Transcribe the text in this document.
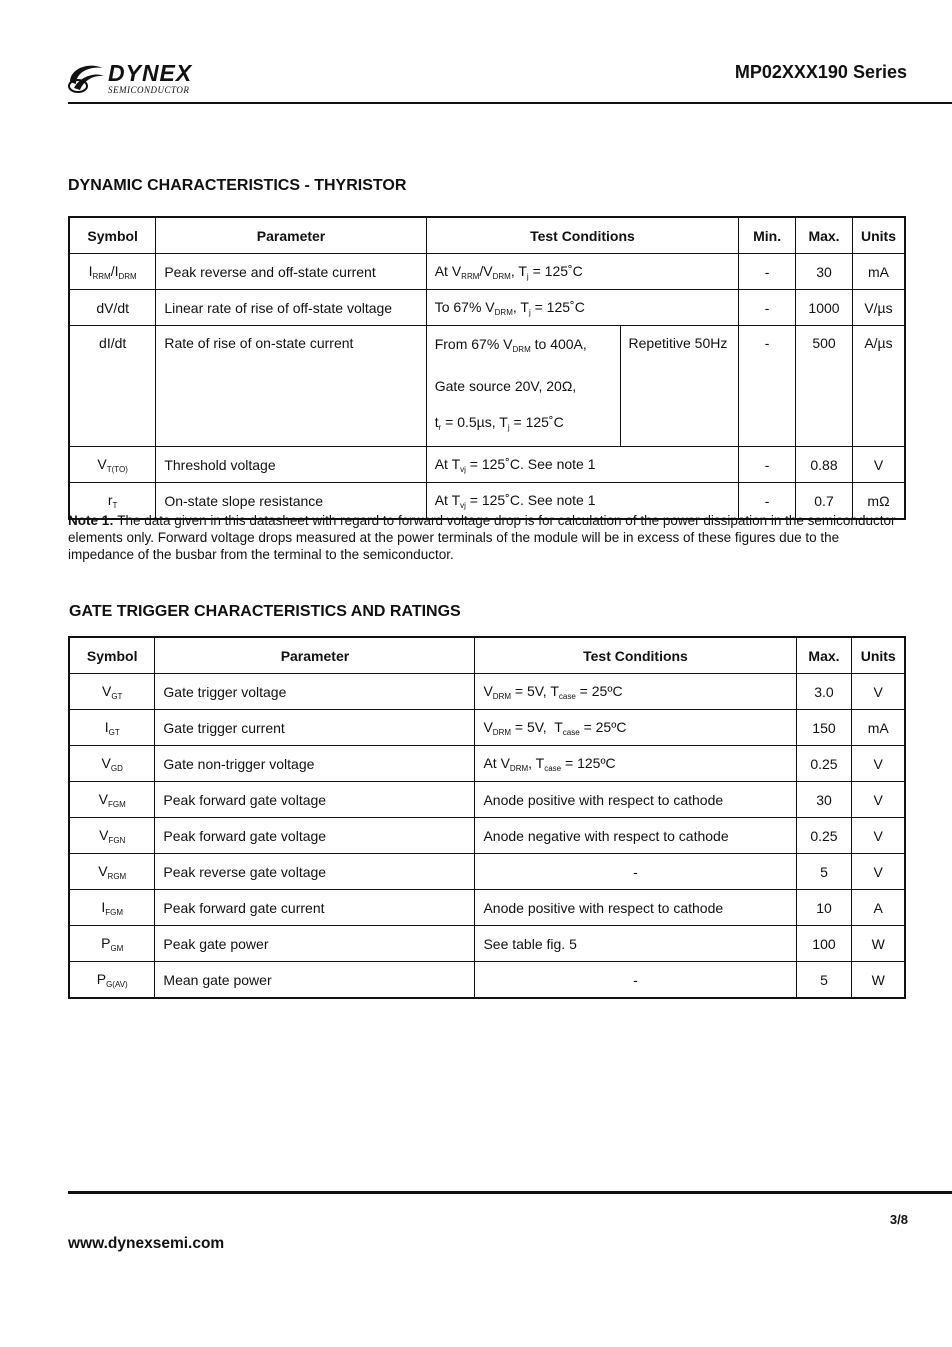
DYNEX
SEMICONDUCTOR
MP02XXX190 Series
DYNAMIC CHARACTERISTICS - THYRISTOR
Symbol	Parameter	Test Conditions		Min.	Max.	Units
$I_{RRM}/I_{DRM}$	Peak reverse and off-state current	At $V_{RRM}/V_{DRM}$, $T_j$ = 125˚C		-	30	mA
dV/dt	Linear rate of rise of off-state voltage	To 67% $V_{DRM}$, $T_j$ = 125˚C		-	1000	V/µs
dI/dt	Rate of rise of on-state current	From 67% $V_{DRM}$ to 400A,
Gate source 20V, 20Ω,
$t_r = 0.5\mu s$, $T_j$ = 125˚C	Repetitive 50Hz	-	500	A/µs
$V_{T(TO)}$	Threshold voltage	At $T_{vj}$ = 125˚C. See note 1		-	0.88	V
$r_T$	On-state slope resistance	At $T_{vj}$ = 125˚C. See note 1		-	0.7	mΩ
Note 1: The data given in this datasheet with regard to forward voltage drop is for calculation of the power dissipation in the semiconductor elements only. Forward voltage drops measured at the power terminals of the module will be in excess of these figures due to the impedance of the busbar from the terminal to the semiconductor.
GATE TRIGGER CHARACTERISTICS AND RATINGS
Symbol	Parameter	Test Conditions	Max.	Units
$V_{GT}$	Gate trigger voltage	$V_{DRM} = 5V$, $T_{case}$ = 25ºC	3.0	V
$I_{GT}$	Gate trigger current	$V_{DRM} = 5V$,  $T_{case}$ = 25ºC	150	mA
$V_{GD}$	Gate non-trigger voltage	At $V_{DRM}$, $T_{case}$ = 125ºC	0.25	V
$V_{FGM}$	Peak forward gate voltage	Anode positive with respect to cathode	30	V
$V_{FGN}$	Peak forward gate voltage	Anode negative with respect to cathode	0.25	V
$V_{RGM}$	Peak reverse gate voltage	-	5	V
$I_{FGM}$	Peak forward gate current	Anode positive with respect to cathode	10	A
$P_{GM}$	Peak gate power	See table fig. 5	100	W
$P_{G(AV)}$	Mean gate power	-	5	W
3/8
www.dynexsemi.com
